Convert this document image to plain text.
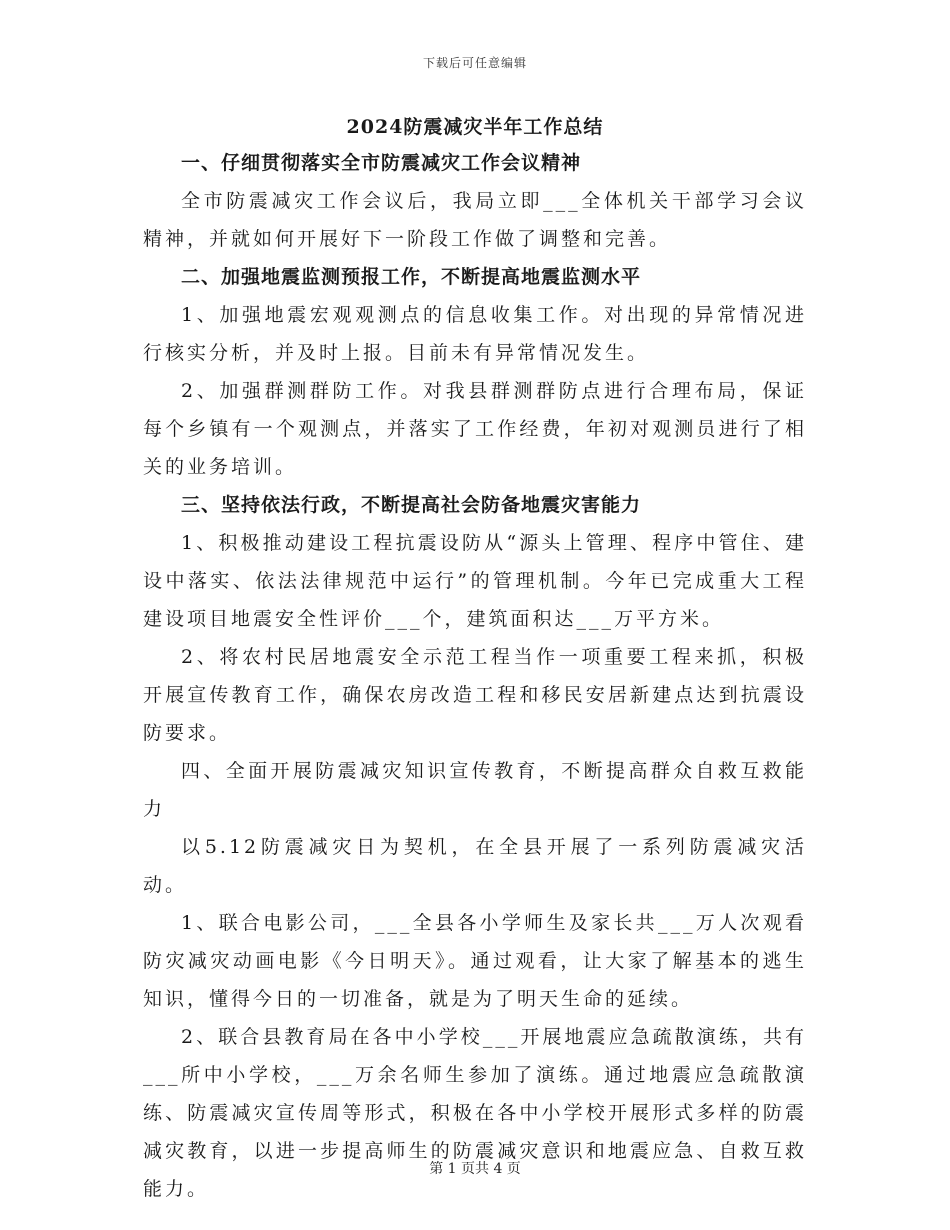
下载后可任意编辑
2024防震减灾半年工作总结

一、仔细贯彻落实全市防震减灾工作会议精神

全市防震减灾工作会议后，我局立即___全体机关干部学习会议精神，并就如何开展好下一阶段工作做了调整和完善。

二、加强地震监测预报工作，不断提高地震监测水平

1、加强地震宏观观测点的信息收集工作。对出现的异常情况进行核实分析，并及时上报。目前未有异常情况发生。

2、加强群测群防工作。对我县群测群防点进行合理布局，保证每个乡镇有一个观测点，并落实了工作经费，年初对观测员进行了相关的业务培训。

三、坚持依法行政，不断提高社会防备地震灾害能力

1、积极推动建设工程抗震设防从“源头上管理、程序中管住、建设中落实、依法法律规范中运行”的管理机制。今年已完成重大工程建设项目地震安全性评价___个，建筑面积达___万平方米。

2、将农村民居地震安全示范工程当作一项重要工程来抓，积极开展宣传教育工作，确保农房改造工程和移民安居新建点达到抗震设防要求。

四、全面开展防震减灾知识宣传教育，不断提高群众自救互救能力

以5.12防震减灾日为契机，在全县开展了一系列防震减灾活动。

1、联合电影公司，___全县各小学师生及家长共___万人次观看防灾减灾动画电影《今日明天》。通过观看，让大家了解基本的逃生知识，懂得今日的一切准备，就是为了明天生命的延续。

2、联合县教育局在各中小学校___开展地震应急疏散演练，共有___所中小学校，___万余名师生参加了演练。通过地震应急疏散演练、防震减灾宣传周等形式，积极在各中小学校开展形式多样的防震减灾教育，以进一步提高师生的防震减灾意识和地震应急、自救互救能力。

第 1 页共 4 页
